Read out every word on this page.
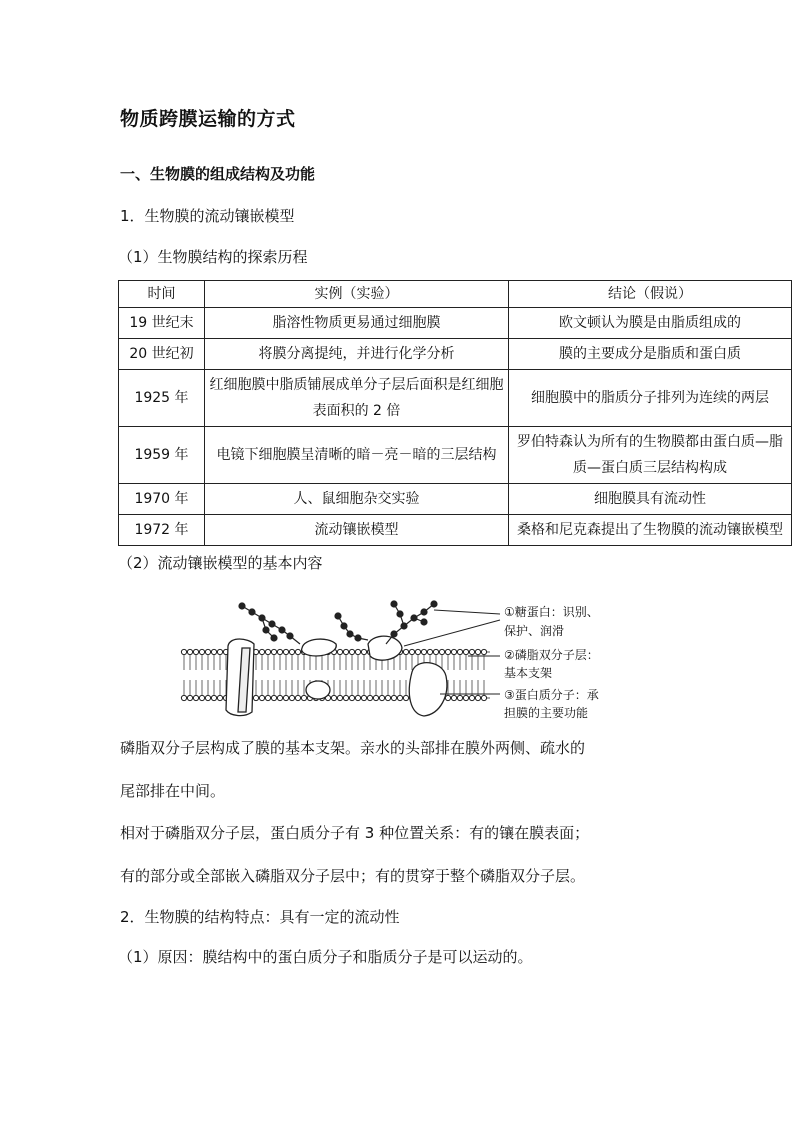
物质跨膜运输的方式
一、生物膜的组成结构及功能
1．生物膜的流动镶嵌模型
（1）生物膜结构的探索历程
时间	实例（实验）	结论（假说）
19 世纪末	脂溶性物质更易通过细胞膜	欧文顿认为膜是由脂质组成的
20 世纪初	将膜分离提纯，并进行化学分析	膜的主要成分是脂质和蛋白质
1925 年	红细胞膜中脂质铺展成单分子层后面积是红细胞表面积的 2 倍	细胞膜中的脂质分子排列为连续的两层
1959 年	电镜下细胞膜呈清晰的暗－亮－暗的三层结构	罗伯特森认为所有的生物膜都由蛋白质—脂质—蛋白质三层结构构成
1970 年	人、鼠细胞杂交实验	细胞膜具有流动性
1972 年	流动镶嵌模型	桑格和尼克森提出了生物膜的流动镶嵌模型
（2）流动镶嵌模型的基本内容
①糖蛋白：识别、
保护、润滑
②磷脂双分子层：
基本支架
③蛋白质分子：承
担膜的主要功能
磷脂双分子层构成了膜的基本支架。亲水的头部排在膜外两侧、疏水的
尾部排在中间。
相对于磷脂双分子层，蛋白质分子有 3 种位置关系：有的镶在膜表面；
有的部分或全部嵌入磷脂双分子层中；有的贯穿于整个磷脂双分子层。
2．生物膜的结构特点：具有一定的流动性
（1）原因：膜结构中的蛋白质分子和脂质分子是可以运动的。
